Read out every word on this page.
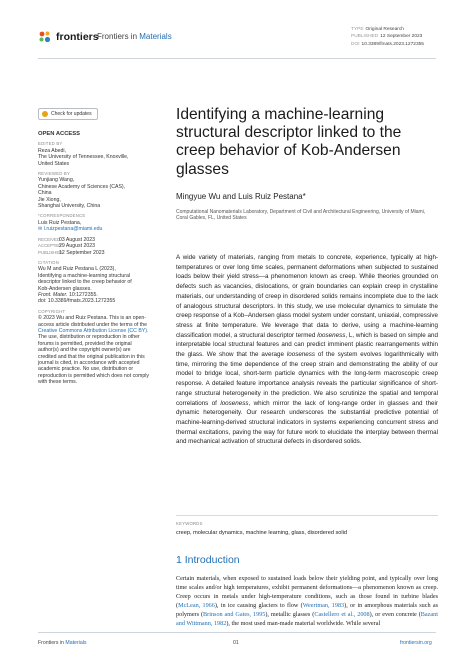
frontiers
Frontiers in Materials
TYPE Original Research
PUBLISHED 12 September 2023
DOI 10.3389/fmats.2023.1272355
Check for updates
OPEN ACCESS
EDITED BY
Reza Abedi,
The University of Tennessee, Knoxville,
United States
REVIEWED BY
Yunjiang Wang,
Chinese Academy of Sciences (CAS),
China
Jie Xiong,
Shanghai University, China
*CORRESPONDENCE
Luis Ruiz Pestana,
✉ l.ruizpestana@miami.edu
RECEIVED03 August 2023
ACCEPTED29 August 2023
PUBLISHED12 September 2023
CITATION
Wu M and Ruiz Pestana L (2023),
Identifying a machine-learning structural
descriptor linked to the creep behavior of
Kob-Andersen glasses.
Front. Mater. 10:1272355.
doi: 10.3389/fmats.2023.1272355
COPYRIGHT
© 2023 Wu and Ruiz Pestana. This is an open-access article distributed under the terms of the Creative Commons Attribution License (CC BY). The use, distribution or reproduction in other forums is permitted, provided the original author(s) and the copyright owner(s) are credited and that the original publication in this journal is cited, in accordance with accepted academic practice. No use, distribution or reproduction is permitted which does not comply with these terms.
Identifying a machine-learning structural descriptor linked to the creep behavior of Kob-Andersen glasses
Mingyue Wu and Luis Ruiz Pestana*
Computational Nanomaterials Laboratory, Department of Civil and Architectural Engineering, University of Miami, Coral Gables, FL, United States
A wide variety of materials, ranging from metals to concrete, experience, typically at high-temperatures or over long time scales, permanent deformations when subjected to sustained loads below their yield stress—a phenomenon known as creep. While theories grounded on defects such as vacancies, dislocations, or grain boundaries can explain creep in crystalline materials, our understanding of creep in disordered solids remains incomplete due to the lack of analogous structural descriptors. In this study, we use molecular dynamics to simulate the creep response of a Kob–Andersen glass model system under constant, uniaxial, compressive stress at finite temperature. We leverage that data to derive, using a machine-learning classification model, a structural descriptor termed looseness, L, which is based on simple and interpretable local structural features and can predict imminent plastic rearrangements within the glass. We show that the average looseness of the system evolves logarithmically with time, mirroring the time dependence of the creep strain and demonstrating the ability of our model to bridge local, short-term particle dynamics with the long-term macroscopic creep response. A detailed feature importance analysis reveals the particular significance of short-range structural heterogeneity in the prediction. We also scrutinize the spatial and temporal correlations of looseness, which mirror the lack of long-range order in glasses and their dynamic heterogeneity. Our research underscores the substantial predictive potential of machine-learning-derived structural indicators in systems experiencing concurrent stress and thermal excitations, paving the way for future work to elucidate the interplay between thermal and mechanical activation of structural defects in disordered solids.
KEYWORDS
creep, molecular dynamics, machine learning, glass, disordered solid
1 Introduction
Certain materials, when exposed to sustained loads below their yielding point, and typically over long time scales and/or high temperatures, exhibit permanent deformations—a phenomenon known as creep. Creep occurs in metals under high-temperature conditions, such as those found in turbine blades (McLean, 1966), in ice causing glaciers to flow (Weertman, 1983), or in amorphous materials such as polymers (Brinson and Gates, 1995), metallic glasses (Castellero et al., 2008), or even concrete (Bazant and Wittmann, 1982), the most used man-made material worldwide. While several
Frontiers in Materials	01	frontiersin.org
